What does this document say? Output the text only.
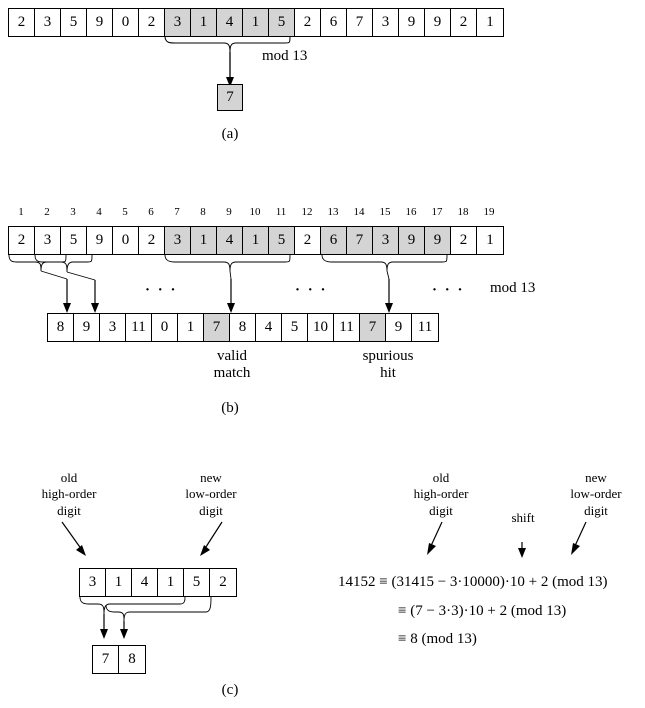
2	3	5	9	0	2	3	1	4	1	5	2	6	7	3	9	9	2	1
mod 13
7
(a)
1	2	3	4	5	6	7	8	9	10	11	12	13	14	15	16	17	18	19
2	3	5	9	0	2	3	1	4	1	5	2	6	7	3	9	9	2	1
· · ·	· · ·	· · · mod 13
8	9	3	11	0	1	7	8	4	5 10 11	7	9	11
valid
match
spurious
hit
(b)
old
high-order
digit
new
low-order
digit
3	1	4	1	5	2
7	8
old
high-order
digit	shift
new
low-order
digit
14152 ≡ (31415 − 3·10000)·10 + 2 (mod 13)
≡ (7 − 3·3)·10 + 2 (mod 13)
≡ 8 (mod 13)
(c)
